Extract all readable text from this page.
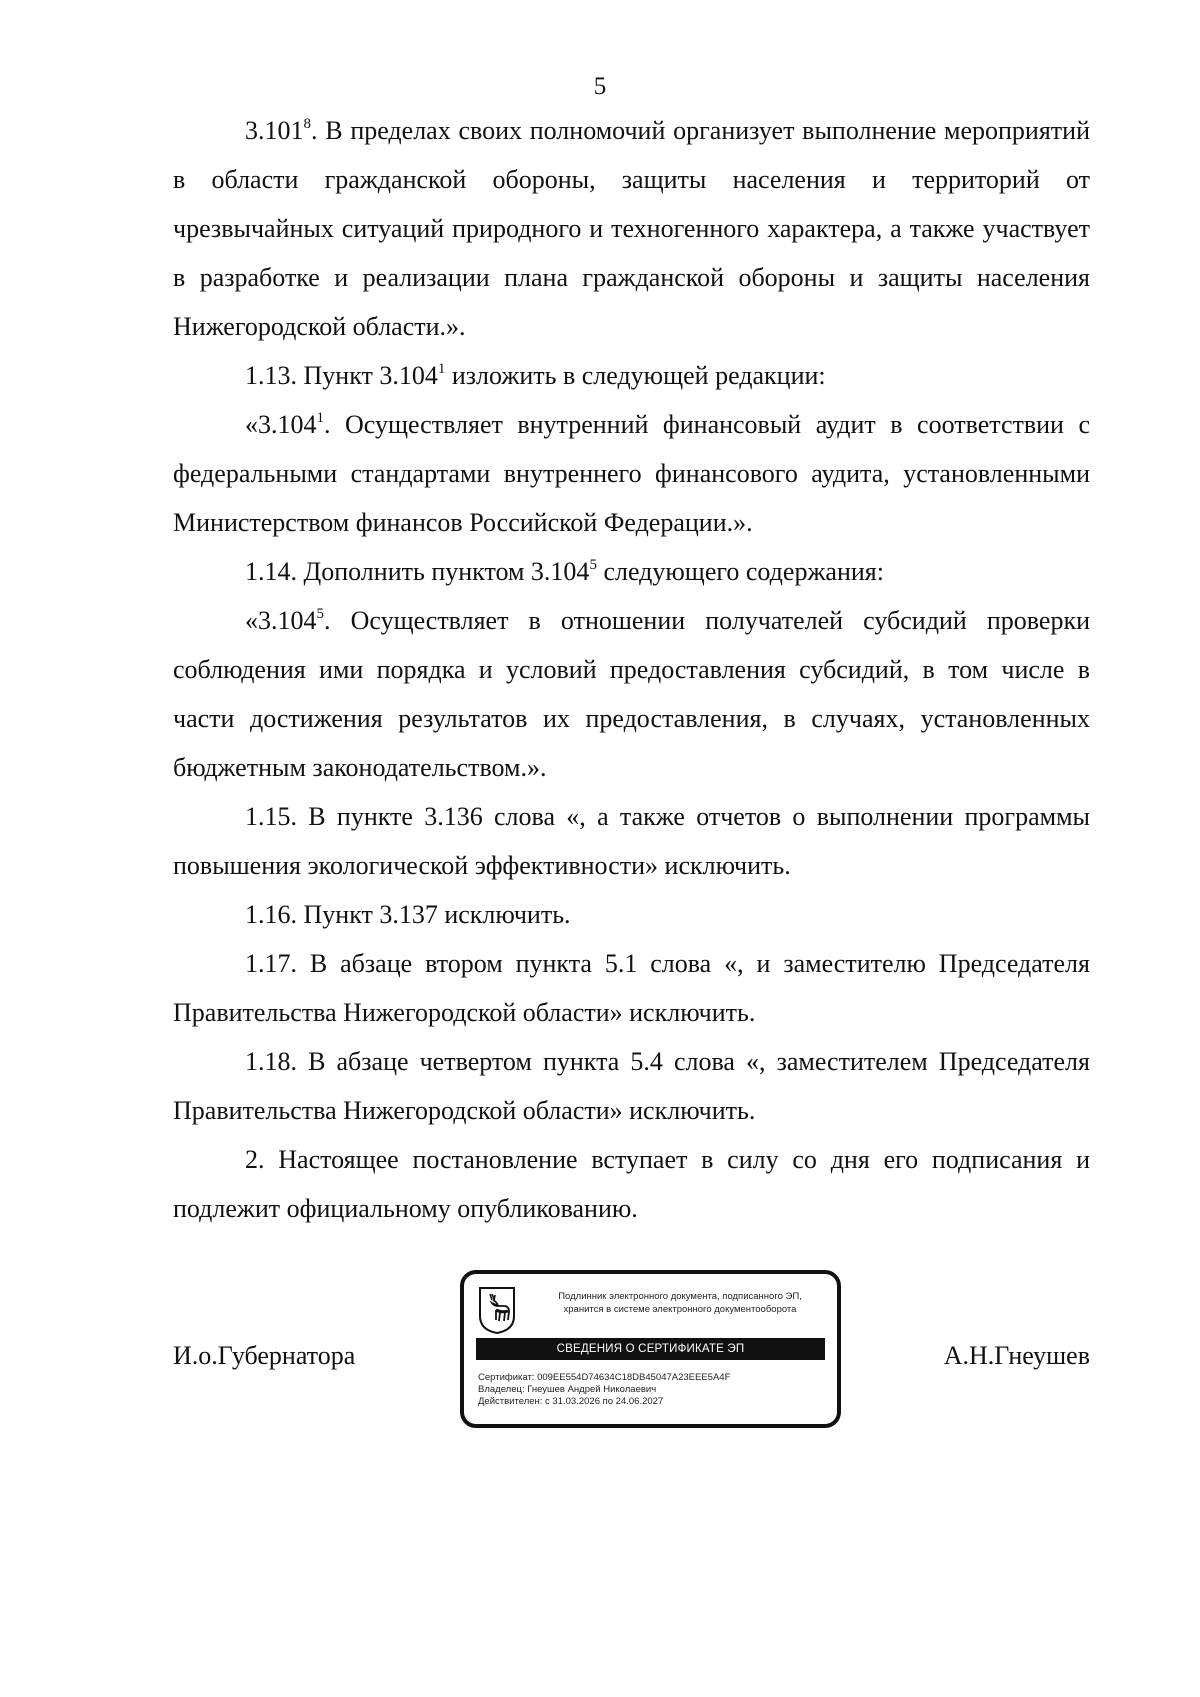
5

3.101$^8$. В пределах своих полномочий организует выполнение мероприятий в области гражданской обороны, защиты населения и территорий от чрезвычайных ситуаций природного и техногенного характера, а также участвует в разработке и реализации плана гражданской обороны и защиты населения Нижегородской области.».

1.13. Пункт 3.104$^1$ изложить в следующей редакции:

«3.104$^1$. Осуществляет внутренний финансовый аудит в соответствии с федеральными стандартами внутреннего финансового аудита, установленными Министерством финансов Российской Федерации.».

1.14. Дополнить пунктом 3.104$^5$ следующего содержания:

«3.104$^5$. Осуществляет в отношении получателей субсидий проверки соблюдения ими порядка и условий предоставления субсидий, в том числе в части достижения результатов их предоставления, в случаях, установленных бюджетным законодательством.».

1.15. В пункте 3.136 слова «, а также отчетов о выполнении программы повышения экологической эффективности» исключить.

1.16. Пункт 3.137 исключить.

1.17. В абзаце втором пункта 5.1 слова «, и заместителю Председателя Правительства Нижегородской области» исключить.

1.18. В абзаце четвертом пункта 5.4 слова «, заместителем Председателя Правительства Нижегородской области» исключить.

2. Настоящее постановление вступает в силу со дня его подписания и подлежит официальному опубликованию.

И.о.Губернатора
Подлинник электронного документа, подписанного ЭП,
хранится в системе электронного документооборота
СВЕДЕНИЯ О СЕРТИФИКАТЕ ЭП
Сертификат: 009EE554D74634C18DB45047A23EEE5A4F
Владелец: Гнеушев Андрей Николаевич
Действителен: с 31.03.2026 по 24.06.2027
А.Н.Гнеушев
